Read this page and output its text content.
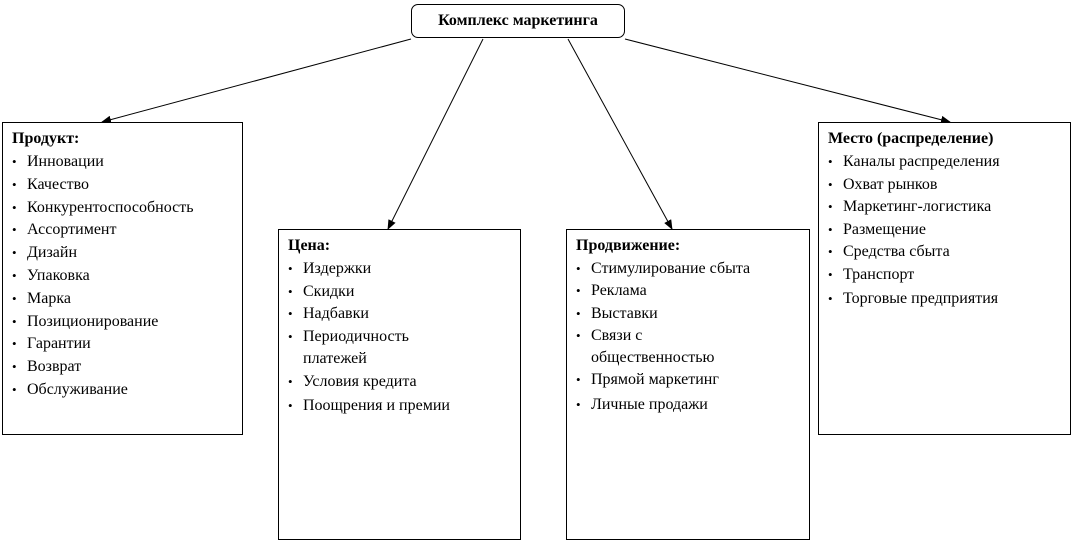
Комплекс маркетинга
Продукт:
• Инновации
• Качество
• Конкурентоспособность
• Ассортимент
• Дизайн
• Упаковка
• Марка
• Позиционирование
• Гарантии
• Возврат
• Обслуживание
Цена:
• Издержки
• Скидки
• Надбавки
• Периодичность платежей
• Условия кредита
• Поощрения и премии
Продвижение:
• Стимулирование сбыта
• Реклама
• Выставки
• Связи с общественностью
• Прямой маркетинг
• Личные продажи
Место (распределение)
• Каналы распределения
• Охват рынков
• Маркетинг-логистика
• Размещение
• Средства сбыта
• Транспорт
• Торговые предприятия
